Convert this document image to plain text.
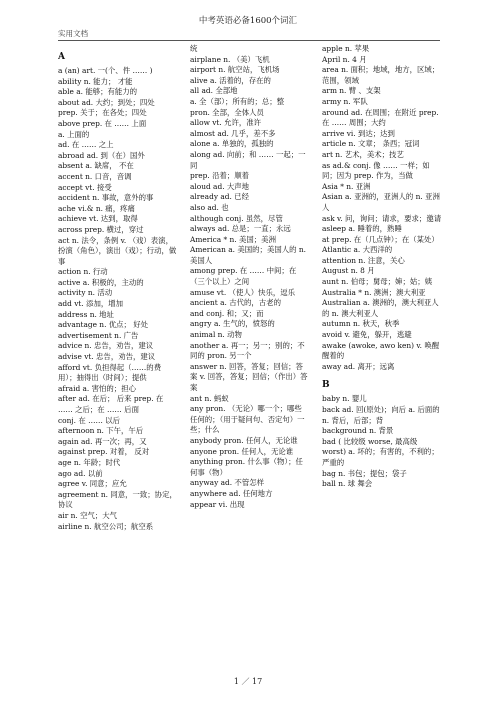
中考英语必备1600个词汇
实用文档

A

a (an) art. 一(个、件 …… )

ability n. 能力； 才能

able a. 能够；有能力的

about ad. 大约；到处；四处

prep. 关于；在各处；四处

above prep. 在 …… 上面

a. 上面的

ad. 在 …… 之上

abroad ad. 到（在）国外

absent a. 缺席， 不在

accent n. 口音，音调

accept vt. 接受

accident n. 事故，意外的事

ache vi.& n. 痛，疼痛

achieve vt. 达到，取得

across prep. 横过，穿过

act n. 法令，条例 v. （戏）表演，扮演（角色），演出（戏）；行动，做事

action n. 行动

active a. 积极的，主动的

activity n. 活动

add vt. 添加，增加

address n. 地址

advantage n. 优点； 好处

advertisement n. 广告

advice n. 忠告，劝告，建议

advise vt. 忠告，劝告，建议

afford vt. 负担得起（……的费用）；抽得出（时间）；提供

afraid a. 害怕的；担心

after ad. 在后； 后来 prep. 在 …… 之后；在 …… 后面

conj. 在 …… 以后

afternoon n. 下午，午后

again ad. 再一次；再，又

against prep. 对着， 反对

age n. 年龄；时代

ago ad. 以前

agree v. 同意；应允

agreement n. 同意，一致；协定，协议

air n. 空气；大气

airline n. 航空公司；航空系

统

airplane n. （美）飞机

airport n. 航空站，飞机场

alive a. 活着的，存在的

all ad. 全部地

a. 全（部）；所有的；总；整

pron. 全部，全体人员

allow vt. 允许，准许

almost ad. 几乎，差不多

alone a. 单独的，孤独的

along ad. 向前；和 …… 一起；一同

prep. 沿着；顺着

aloud ad. 大声地

already ad. 已经

also ad. 也

although conj. 虽然，尽管

always ad. 总是；一直；永远

America * n. 美国；美洲

American a. 美国的；美国人的 n. 美国人

among prep. 在 …… 中间；在（三个以上）之间

amuse vt. （使人）快乐，逗乐

ancient a. 古代的，古老的

and conj. 和；又；而

angry a. 生气的，愤怒的

animal n. 动物

another a. 再一；另一；别的；不同的 pron. 另一个

answer n. 回答，答复；回信；答案 v. 回答，答复；回信；（作出）答案

ant n. 蚂蚁

any pron. （无论）哪一个；哪些 任何的；（用于疑问句、否定句）一些；什么

anybody pron. 任何人，无论谁

anyone pron. 任何人，无论谁

anything pron. 什么事（物）；任何事（物）

anyway ad. 不管怎样

anywhere ad. 任何地方

appear vi. 出现

apple n. 苹果

April n. 4 月

area n. 面积；地域，地方，区域；范围，领域

arm n. 臂 、支架

army n. 军队

around ad. 在周围；在附近 prep. 在 …… 周围；大约

arrive vi. 到达；达到

article n. 文章； 条西；冠词

art n. 艺术，美术；技艺

as ad.& conj. 像 …… 一样；如同；因为 prep. 作为，当做

Asia * n. 亚洲

Asian a. 亚洲的，亚洲人的 n. 亚洲人

ask v. 问，询问；请求，要求；邀请

asleep a. 睡着的，熟睡

at prep. 在（几点钟）；在（某处）

Atlantic a. 大西洋的

attention n. 注意，关心

August n. 8 月

aunt n. 伯母；舅母；婶；姑；姨

Australia * n. 澳洲；澳大利亚

Australian a. 澳洲的，澳大利亚人的 n. 澳大利亚人

autumn n. 秋天，秋季

avoid v. 避免，躲开，逃避

awake (awoke, awo ken) v. 唤醒 醒着的

away ad. 离开；远离

B

baby n. 婴儿

back ad. 回(原处)；向后 a. 后面的

n. 背后，后部；背

background n. 背景

bad ( 比较级 worse, 最高级 worst) a. 坏的；有害的，不利的；严重的

bag n. 书包；提包；袋子

ball n. 球 舞会

1 ／ 17
